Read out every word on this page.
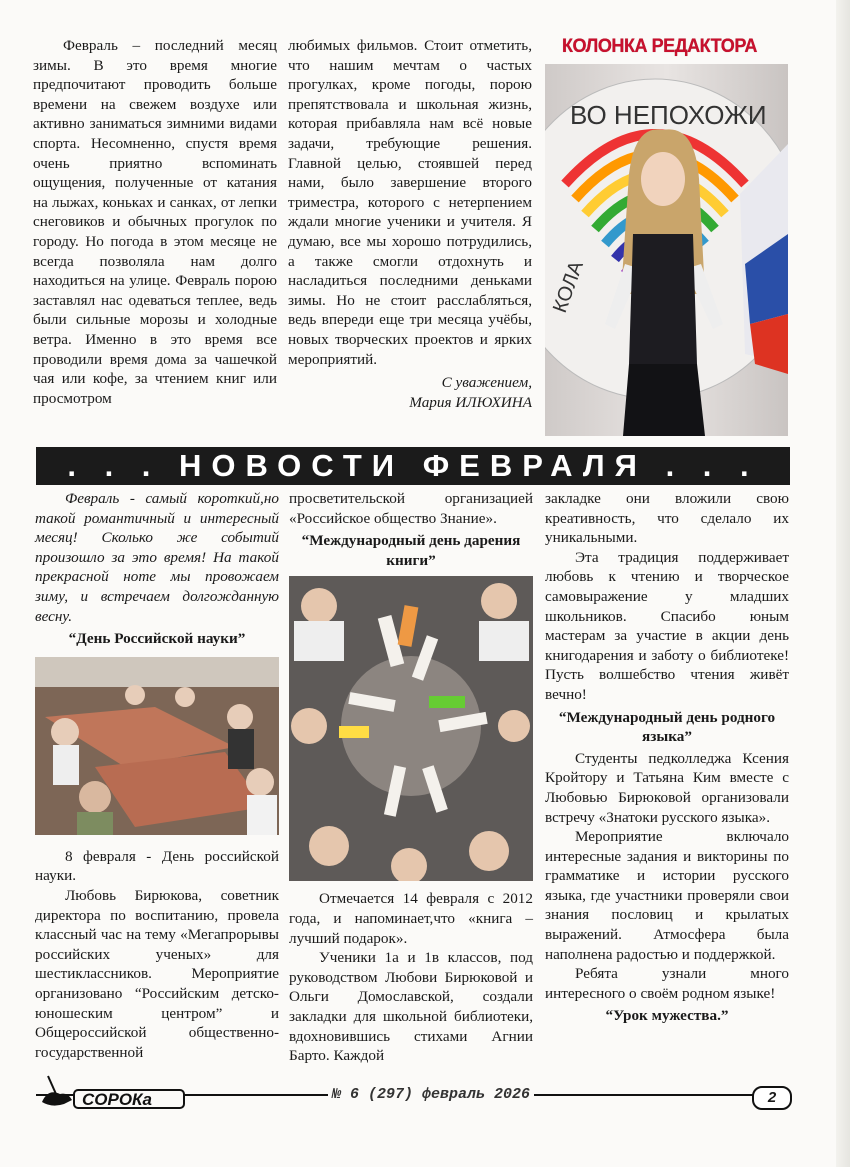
Февраль – последний месяц зимы. В это время многие предпочитают проводить больше времени на свежем воздухе или активно заниматься зимними видами спорта. Несомненно, спустя время очень приятно вспоминать ощущения, полученные от катания на лыжах, коньках и санках, от лепки снеговиков и обычных прогулок по городу. Но погода в этом месяце не всегда позволяла нам долго находиться на улице. Февраль порою заставлял нас одеваться теплее, ведь были сильные морозы и холодные ветра. Именно в это время все проводили время дома за чашечкой чая или кофе, за чтением книг или просмотром

любимых фильмов. Стоит отметить, что нашим мечтам о частых прогулках, кроме погоды, порою препятствовала и школьная жизнь, которая прибавляла нам всё новые задачи, требующие решения. Главной целью, стоявшей перед нами, было завершение второго триместра, которого с нетерпением ждали многие ученики и учителя. Я думаю, все мы хорошо потрудились, а также смогли отдохнуть и насладиться последними деньками зимы. Но не стоит расслабляться, ведь впереди еще три месяца учёбы, новых творческих проектов и ярких мероприятий.

С уважением,

Мария ИЛЮХИНА

КОЛОНКА РЕДАКТОРА
ВО НЕПОХОЖИ
КОЛА
. . . НОВОСТИ ФЕВРАЛЯ . . .

Февраль - самый короткий,но такой романтичный и интересный месяц! Сколько же событий произошло за это время! На такой прекрасной ноте мы провожаем зиму, и встречаем долгожданную весну.

“День Российской науки”

8 февраля - День российской науки.

Любовь Бирюкова, советник директора по воспитанию, провела классный час на тему «Мегапрорывы российских ученых» для шестиклассников. Мероприятие организовано “Российским детско-юношеским центром” и Общероссийской общественно-государственной

просветительской организацией «Российское общество Знание».

“Международный день дарения книги”

Отмечается 14 февраля с 2012 года, и напоминает,что «книга – лучший подарок».

Ученики 1а и 1в классов, под руководством Любови Бирюковой и Ольги Домославской, создали закладки для школьной библиотеки, вдохновившись стихами Агнии Барто. Каждой

закладке они вложили свою креативность, что сделало их уникальными.

Эта традиция поддерживает любовь к чтению и творческое самовыражение у младших школьников. Спасибо юным мастерам за участие в акции день книгодарения и заботу о библиотеке! Пусть волшебство чтения живёт вечно!

“Международный день родного языка”

Студенты педколледжа Ксения Кройтору и Татьяна Ким вместе с Любовью Бирюковой организовали встречу «Знатоки русского языка».

Мероприятие включало интересные задания и викторины по грамматике и истории русского языка, где участники проверяли свои знания пословиц и крылатых выражений. Атмосфера была наполнена радостью и поддержкой.

Ребята узнали много интересного о своём родном языке!

“Урок мужества.”

СОРОКа	№ 6 (297) февраль 2026	2
